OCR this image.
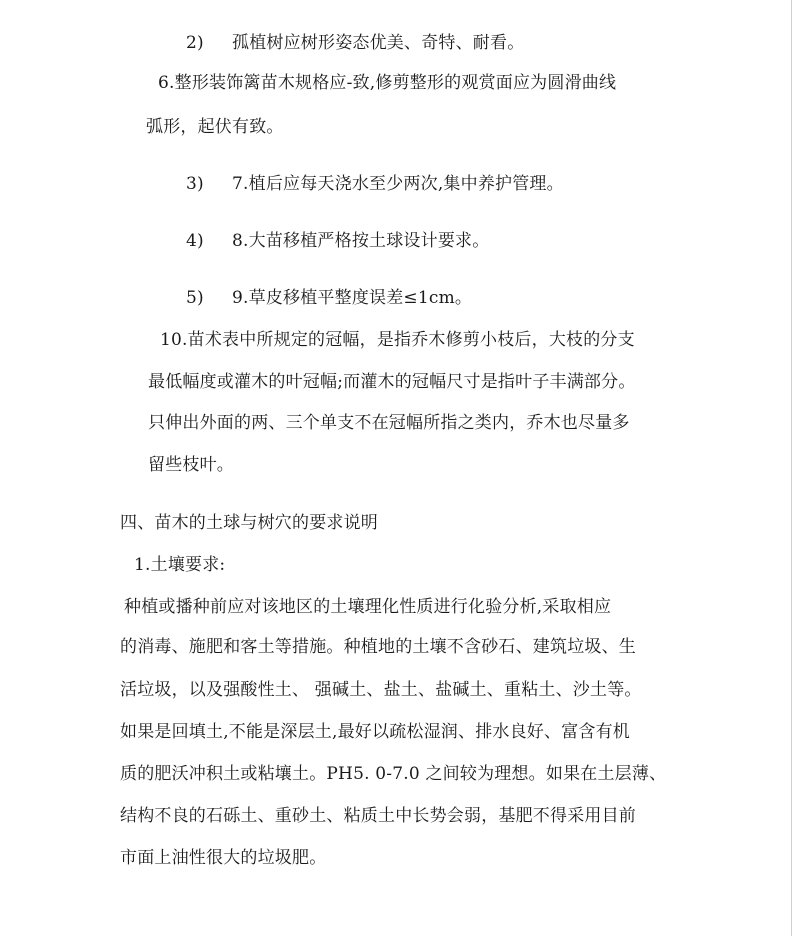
2) 孤植树应树形姿态优美、奇特、耐看。
6.整形装饰篱苗木规格应-致,修剪整形的观赏面应为圆滑曲线
弧形，起伏有致。
3) 7.植后应每天浇水至少两次,集中养护管理。
4) 8.大苗移植严格按土球设计要求。
5) 9.草皮移植平整度误差≤1cm。
10.苗术表中所规定的冠幅，是指乔木修剪小枝后，大枝的分支
最低幅度或灌木的叶冠幅;而灌木的冠幅尺寸是指叶子丰满部分。
只伸出外面的两、三个单支不在冠幅所指之类内，乔木也尽量多
留些枝叶。
四、苗木的土球与树穴的要求说明
1.土壤要求:
种植或播种前应对该地区的土壤理化性质进行化验分析,采取相应
的消毒、施肥和客土等措施。种植地的土壤不含砂石、建筑垃圾、生
活垃圾，以及强酸性土、 强碱土、盐土、盐碱土、重粘土、沙土等。
如果是回填土,不能是深层土,最好以疏松湿润、排水良好、富含有机
质的肥沃冲积土或粘壤土。PH5. 0-7.0 之间较为理想。如果在土层薄、
结构不良的石砾土、重砂土、粘质土中长势会弱，基肥不得采用目前
市面上油性很大的垃圾肥。
